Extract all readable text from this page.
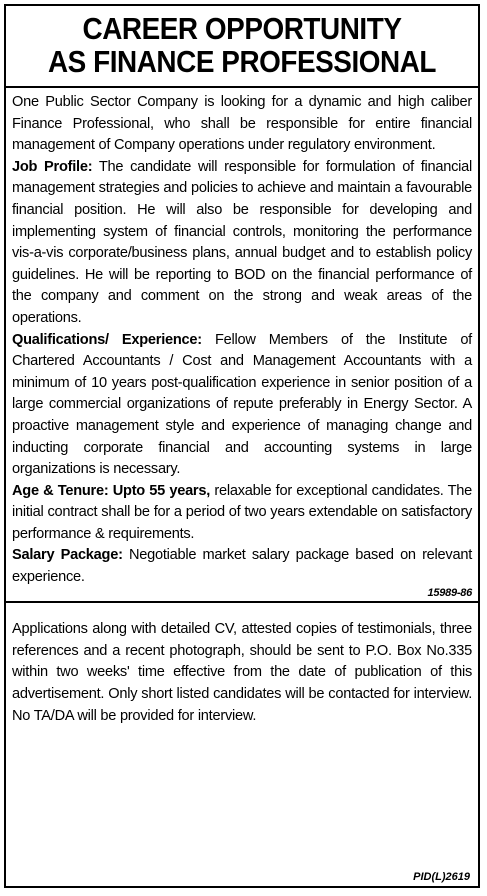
CAREER OPPORTUNITY
AS FINANCE PROFESSIONAL

One Public Sector Company is looking for a dynamic and high caliber Finance Professional, who shall be responsible for entire financial management of Company operations under regulatory environment.

Job Profile: The candidate will responsible for formulation of financial management strategies and policies to achieve and maintain a favourable financial position. He will also be responsible for developing and implementing system of financial controls, monitoring the performance vis-a-vis corporate/business plans, annual budget and to establish policy guidelines. He will be reporting to BOD on the financial performance of the company and comment on the strong and weak areas of the operations.

Qualifications/ Experience: Fellow Members of the Institute of Chartered Accountants / Cost and Management Accountants with a minimum of 10 years post-qualification experience in senior position of a large commercial organizations of repute preferably in Energy Sector. A proactive management style and experience of managing change and inducting corporate financial and accounting systems in large organizations is necessary.

Age & Tenure: Upto 55 years, relaxable for exceptional candidates. The initial contract shall be for a period of two years extendable on satisfactory performance & requirements.

Salary Package: Negotiable market salary package based on relevant experience.

15989-86

Applications along with detailed CV, attested copies of testimonials, three references and a recent photograph, should be sent to P.O. Box No.335 within two weeks' time effective from the date of publication of this advertisement. Only short listed candidates will be contacted for interview. No TA/DA will be provided for interview.

PID(L)2619
